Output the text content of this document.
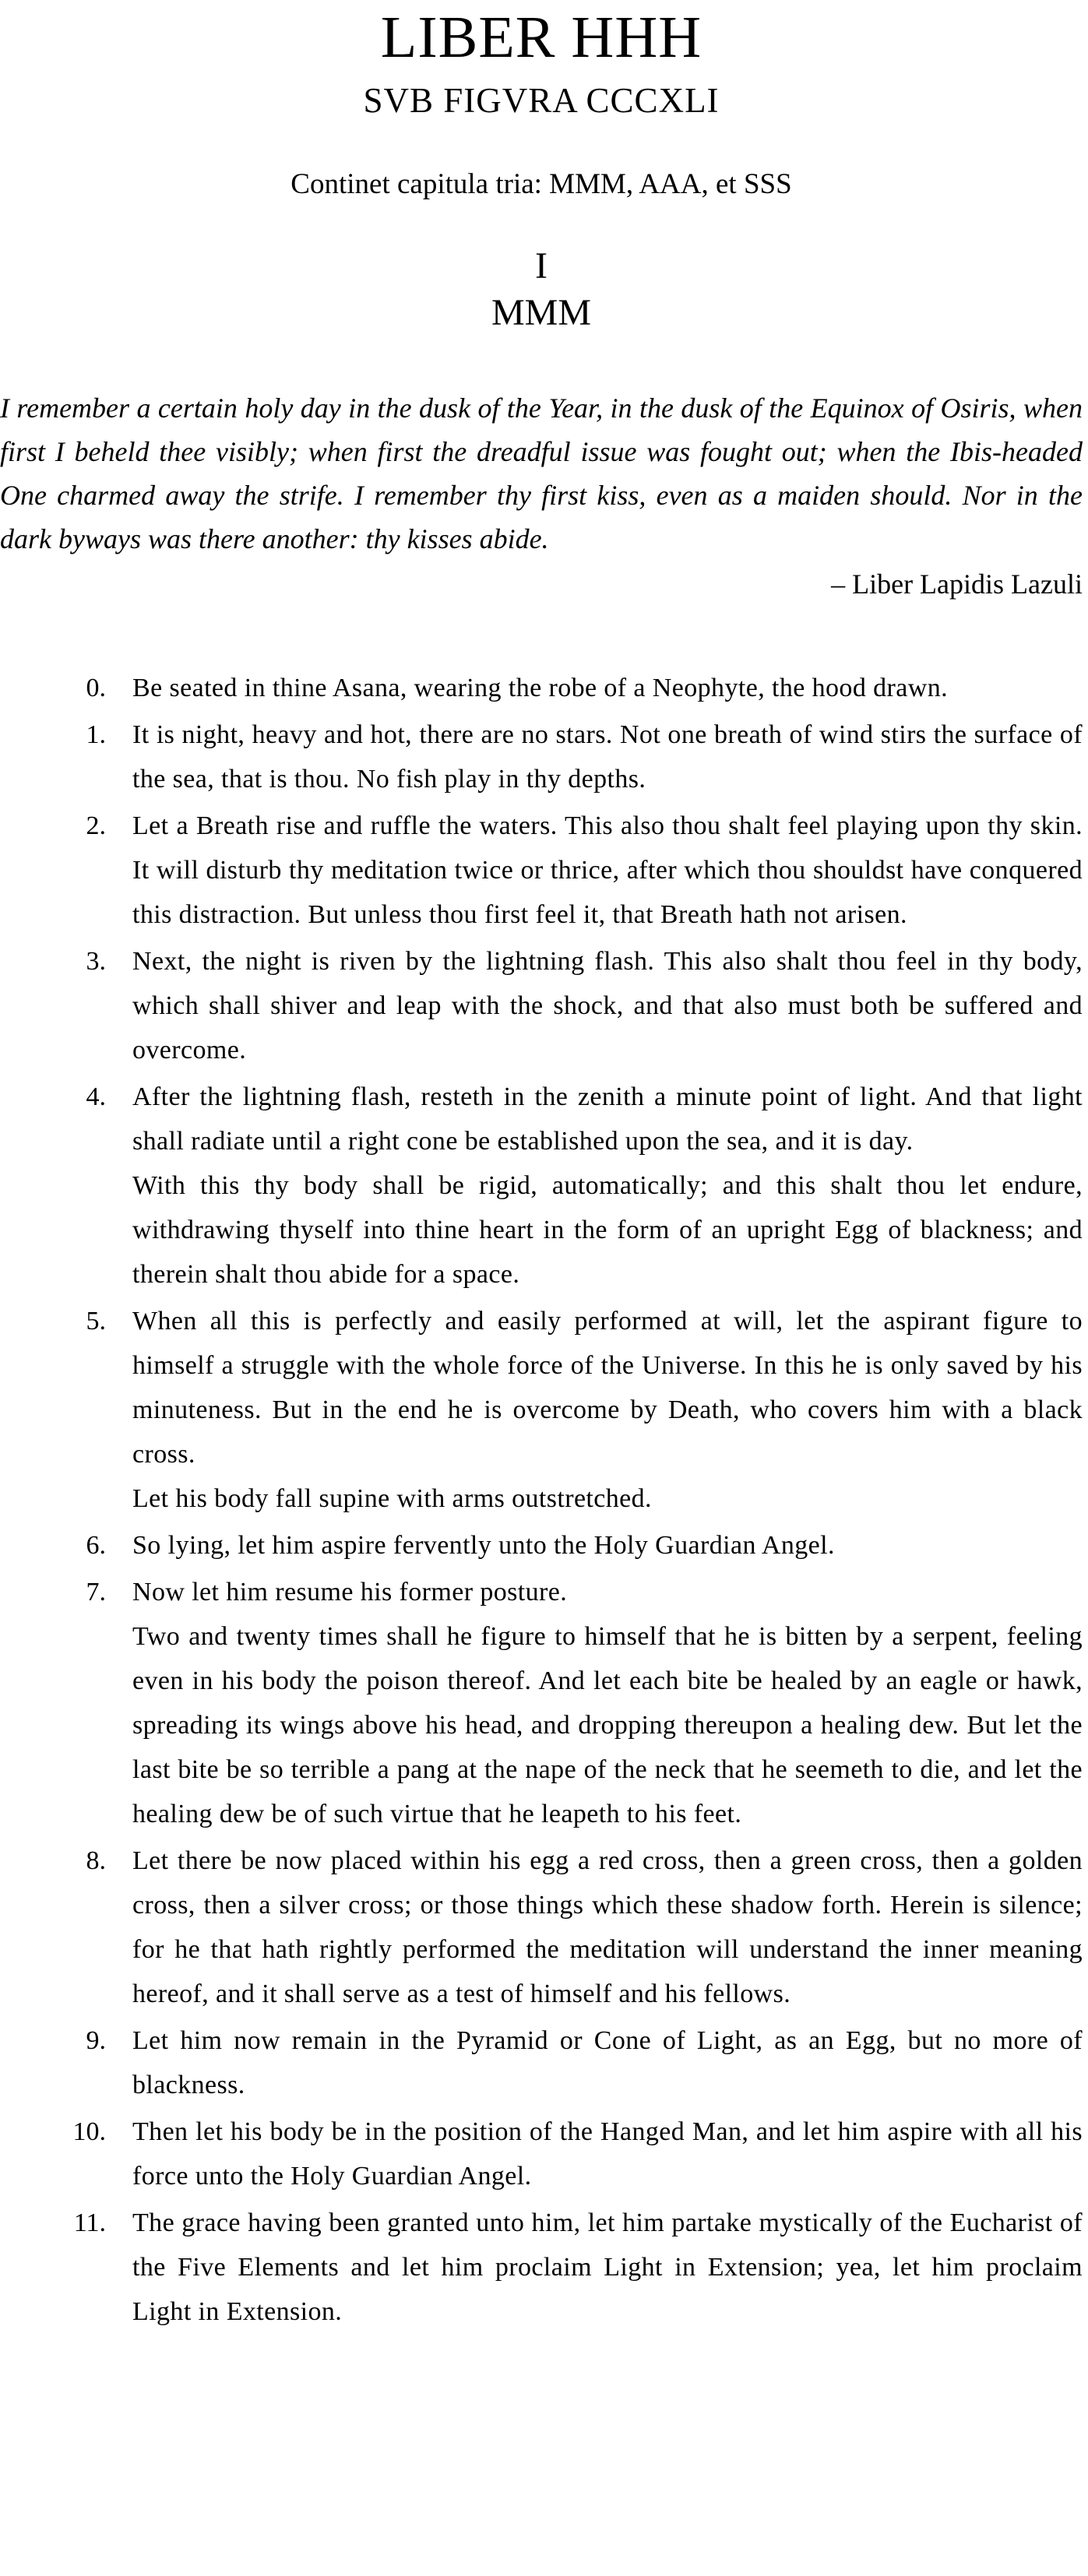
LIBER HHH
SVB FIGVRA CCCXLI

Continet capitula tria: MMM, AAA, et SSS

I
MMM

I remember a certain holy day in the dusk of the Year, in the dusk of the Equinox of Osiris, when first I beheld thee visibly; when first the dreadful issue was fought out; when the Ibis-headed One charmed away the strife. I remember thy first kiss, even as a maiden should. Nor in the dark byways was there another: thy kisses abide.

– Liber Lapidis Lazuli

0. Be seated in thine Asana, wearing the robe of a Neophyte, the hood drawn.

1. It is night, heavy and hot, there are no stars. Not one breath of wind stirs the surface of the sea, that is thou. No fish play in thy depths.

2. Let a Breath rise and ruffle the waters. This also thou shalt feel playing upon thy skin. It will disturb thy meditation twice or thrice, after which thou shouldst have conquered this distraction. But unless thou first feel it, that Breath hath not arisen.

3. Next, the night is riven by the lightning flash. This also shalt thou feel in thy body, which shall shiver and leap with the shock, and that also must both be suffered and overcome.

4. After the lightning flash, resteth in the zenith a minute point of light. And that light shall radiate until a right cone be established upon the sea, and it is day.

With this thy body shall be rigid, automatically; and this shalt thou let endure, withdrawing thyself into thine heart in the form of an upright Egg of blackness; and therein shalt thou abide for a space.

5. When all this is perfectly and easily performed at will, let the aspirant figure to himself a struggle with the whole force of the Universe. In this he is only saved by his minuteness. But in the end he is overcome by Death, who covers him with a black cross.

Let his body fall supine with arms outstretched.

6. So lying, let him aspire fervently unto the Holy Guardian Angel.

7. Now let him resume his former posture.

Two and twenty times shall he figure to himself that he is bitten by a serpent, feeling even in his body the poison thereof. And let each bite be healed by an eagle or hawk, spreading its wings above his head, and dropping thereupon a healing dew. But let the last bite be so terrible a pang at the nape of the neck that he seemeth to die, and let the healing dew be of such virtue that he leapeth to his feet.

8. Let there be now placed within his egg a red cross, then a green cross, then a golden cross, then a silver cross; or those things which these shadow forth. Herein is silence; for he that hath rightly performed the meditation will understand the inner meaning hereof, and it shall serve as a test of himself and his fellows.

9. Let him now remain in the Pyramid or Cone of Light, as an Egg, but no more of blackness.

10. Then let his body be in the position of the Hanged Man, and let him aspire with all his force unto the Holy Guardian Angel.

11. The grace having been granted unto him, let him partake mystically of the Eucharist of the Five Elements and let him proclaim Light in Extension; yea, let him proclaim Light in Extension.
